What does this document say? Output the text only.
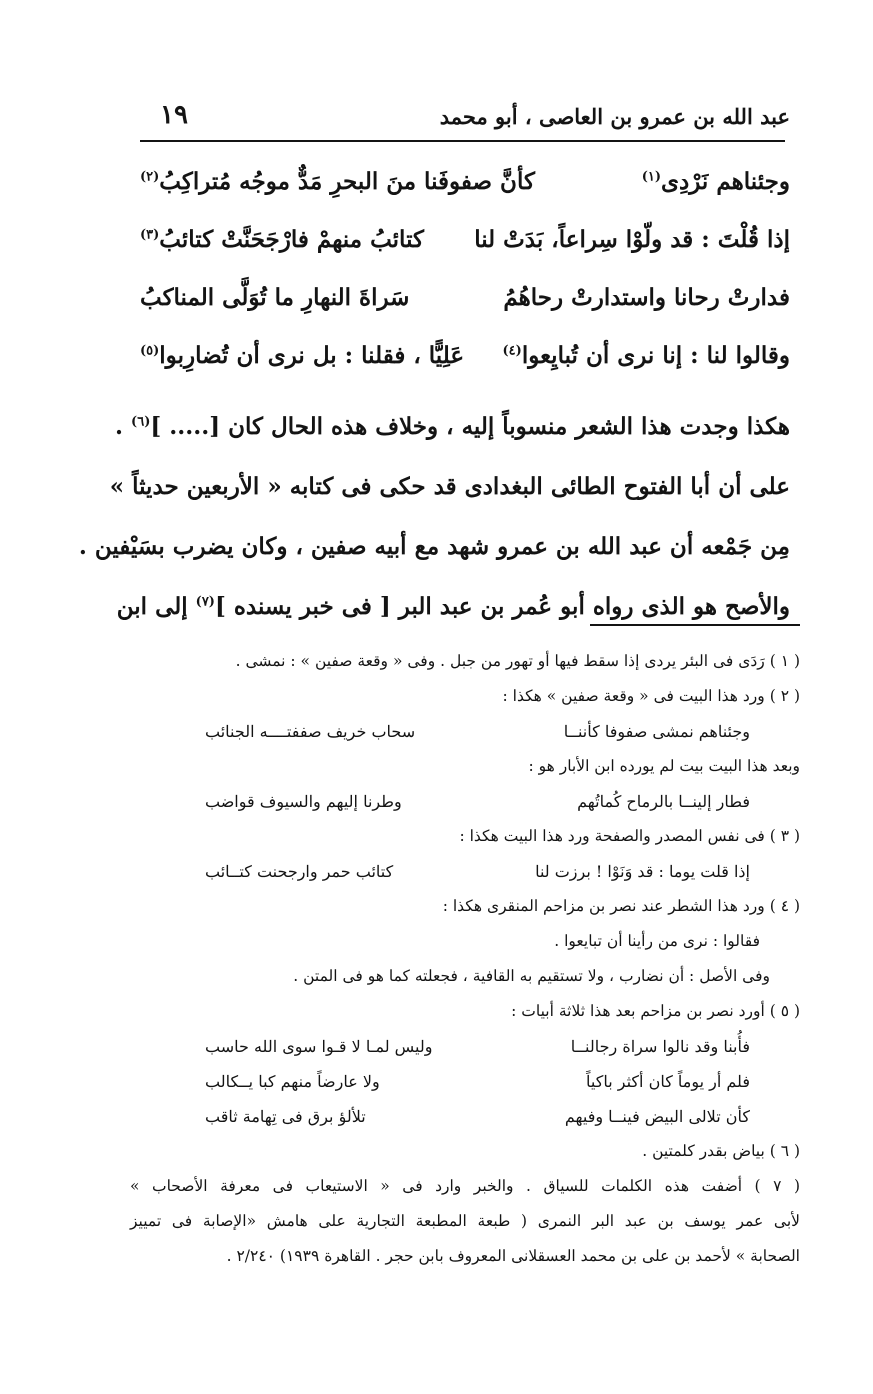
عبد الله بن عمرو بن العاصى ، أبو محمد
١٩
وجئناهم نَرْدِى$^{(١)}$
كأنَّ صفوفَنا منَ البحرِ مَدٌّ موجُه مُتراكِبُ$^{(٢)}$
إذا قُلْتَ : قد ولّوْا سِراعاً، بَدَتْ لنا
كتائبُ منهمْ فارْجَحَنَّتْ كتائبُ$^{(٣)}$
فدارتْ رحانا واستدارتْ رحاهُمُ
سَراةَ النهارِ ما تُوَلَّى المناكبُ
وقالوا لنا : إنا نرى أن تُبايِعوا$^{(٤)}$
عَلِيًّا ، فقلنا : بل نرى أن تُضارِبوا$^{(٥)}$

هكذا وجدت هذا الشعر منسوباً إليه ، وخلاف هذه الحال كان [..... ]$^{(٦)}$ .

على أن أبا الفتوح الطائى البغدادى قد حكى فى كتابه « الأربعين حديثاً »

مِن جَمْعه أن عبد الله بن عمرو شهد مع أبيه صفين ، وكان يضرب بسَيْفين .

والأصح هو الذى رواه أبو عُمر بن عبد البر [ فى خبر يسنده ]$^{(٧)}$ إلى ابن

( ١ ) رَدَى فى البئر يردى إذا سقط فيها أو تهور من جبل . وفى « وقعة صفين » : نمشى .
( ٢ ) ورد هذا البيت فى « وقعة صفين » هكذا :
وجئناهم نمشى صفوفا كأننــا
سحاب خريف صففتــــه الجنائب
وبعد هذا البيت بيت لم يورده ابن الأبار هو :
فطار إلينــا بالرماح كُماتُهم
وطرنا إليهم والسيوف قواضب
( ٣ ) فى نفس المصدر والصفحة ورد هذا البيت هكذا :
إذا قلت يوما : قد وَنَوْا ! برزت لنا
كتائب حمر وارجحنت كتــائب
( ٤ ) ورد هذا الشطر عند نصر بن مزاحم المنقرى هكذا :
فقالوا : نرى من رأينا أن تبايعوا .
وفى الأصل : أن نضارب ، ولا تستقيم به القافية ، فجعلته كما هو فى المتن .
( ٥ ) أورد نصر بن مزاحم بعد هذا ثلاثة أبيات :
فأُبنا وقد نالوا سراة رجالنــا
وليس لمـا لا قـوا سوى الله حاسب
فلم أر يوماً كان أكثر باكياً
ولا عارضاً منهم كبا يــكالب
كأن تلالى البيض فينــا وفيهم
تلألؤ برق فى تِهامة ثاقب
( ٦ ) بياض بقدر كلمتين .
( ٧ ) أضفت هذه الكلمات للسياق . والخبر وارد فى « الاستيعاب فى معرفة الأصحاب »
لأبى عمر يوسف بن عبد البر النمرى ( طبعة المطبعة التجارية على هامش «الإصابة فى تمييز
الصحابة » لأحمد بن على بن محمد العسقلانى المعروف بابن حجر . القاهرة ١٩٣٩) ٢/٢٤٠ .
